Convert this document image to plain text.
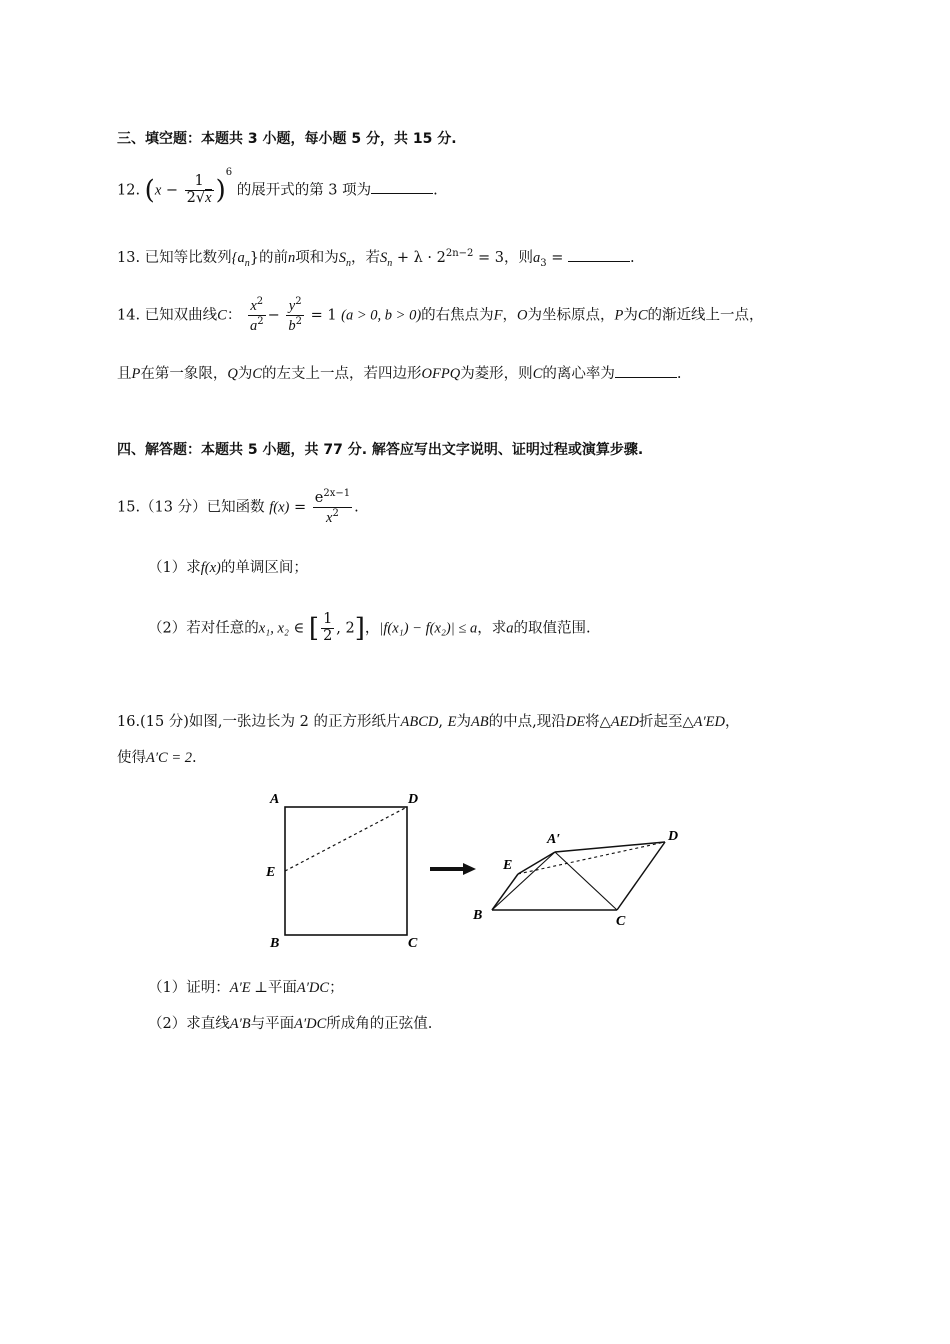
三、填空题：本题共 3 小题，每小题 5 分，共 15 分.
12. $(x - \frac{1}{2√x} )^6$ 的展开式的第 3 项为	.
13. 已知等比数列$\{a_n\}$的前n项和为$S_n$，若$S_n + \lambda \cdot 2^{2n-2} = 3$，则$a_3$ =	.
14. 已知双曲线C： $\frac{x^2}{a^2} - \frac{y^2}{b^2} = 1$ (a > 0, b > 0)的右焦点为F，O为坐标原点，P为C的渐近线上一点，
且P在第一象限，Q为C的左支上一点，若四边形OFPQ为菱形，则C的离心率为	.
四、解答题：本题共 5 小题，共 77 分. 解答应写出文字说明、证明过程或演算步骤.
15.（13 分）已知函数 $f(x) = \frac{e^{2x-1}}{x^2}$ .
（1）求f(x)的单调区间；
（2）若对任意的x₁, x₂ ∈ [ $\frac{1}{2}$ , 2]，|f(x₁) − f(x₂)| ≤ a，求a的取值范围.
16.(15 分)如图,一张边长为 2 的正方形纸片ABCD, E为AB的中点,现沿DE将△AED折起至△A′ED，
使得A′C = 2.
A	D
E
B	C
A′	D
E
B	C
（1）证明：A′E ⊥平面A′DC；
（2）求直线A′B与平面A′DC所成角的正弦值.
